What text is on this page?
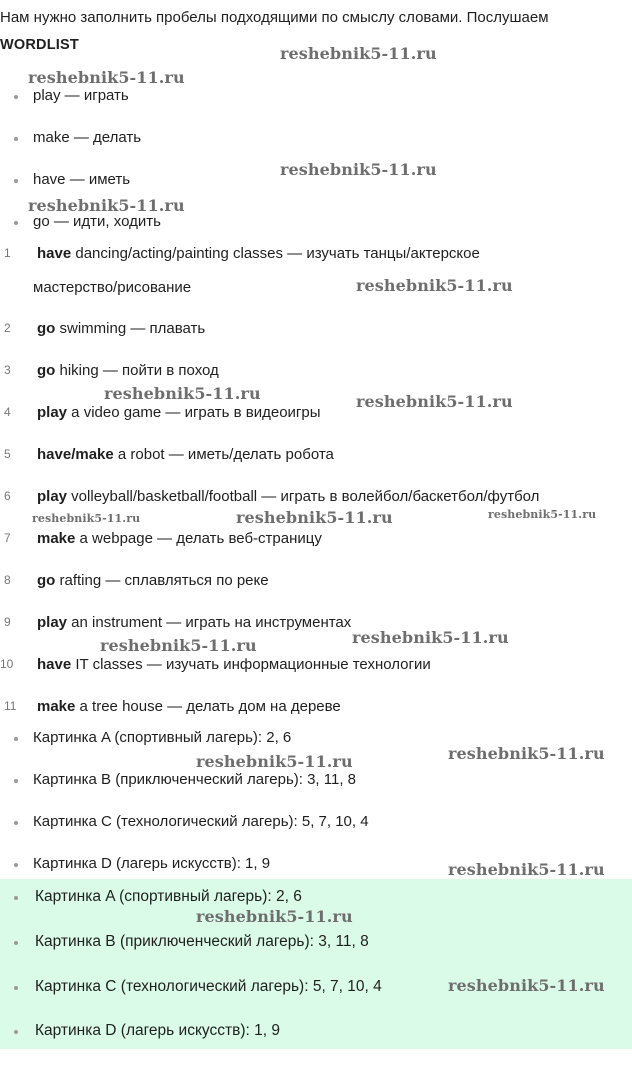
Нам нужно заполнить пробелы подходящими по смыслу словами. Послушаем
WORDLIST
play — играть
make — делать
have — иметь
go — идти, ходить
1	have dancing/acting/painting classes — изучать танцы/актерское
мастерство/рисование
2	go swimming — плавать
3	go hiking — пойти в поход
4	play a video game — играть в видеоигры
5	have/make a robot — иметь/делать робота
6	play volleyball/basketball/football — играть в волейбол/баскетбол/футбол
7	make a webpage — делать веб-страницу
8	go rafting — сплавляться по реке
9	play an instrument — играть на инструментах
10	have IT classes — изучать информационные технологии
11	make a tree house — делать дом на дереве
Картинка A (спортивный лагерь): 2, 6
Картинка B (приключенческий лагерь): 3, 11, 8
Картинка C (технологический лагерь): 5, 7, 10, 4
Картинка D (лагерь искусств): 1, 9
Картинка A (спортивный лагерь): 2, 6
Картинка B (приключенческий лагерь): 3, 11, 8
Картинка C (технологический лагерь): 5, 7, 10, 4
Картинка D (лагерь искусств): 1, 9
reshebnik5-11.ru
reshebnik5-11.ru
reshebnik5-11.ru
reshebnik5-11.ru
reshebnik5-11.ru
reshebnik5-11.ru	reshebnik5-11.ru
reshebnik5-11.ru	reshebnik5-11.ru	reshebnik5-11.ru
reshebnik5-11.ru
reshebnik5-11.ru
reshebnik5-11.ru
reshebnik5-11.ru
reshebnik5-11.ru
reshebnik5-11.ru
reshebnik5-11.ru
